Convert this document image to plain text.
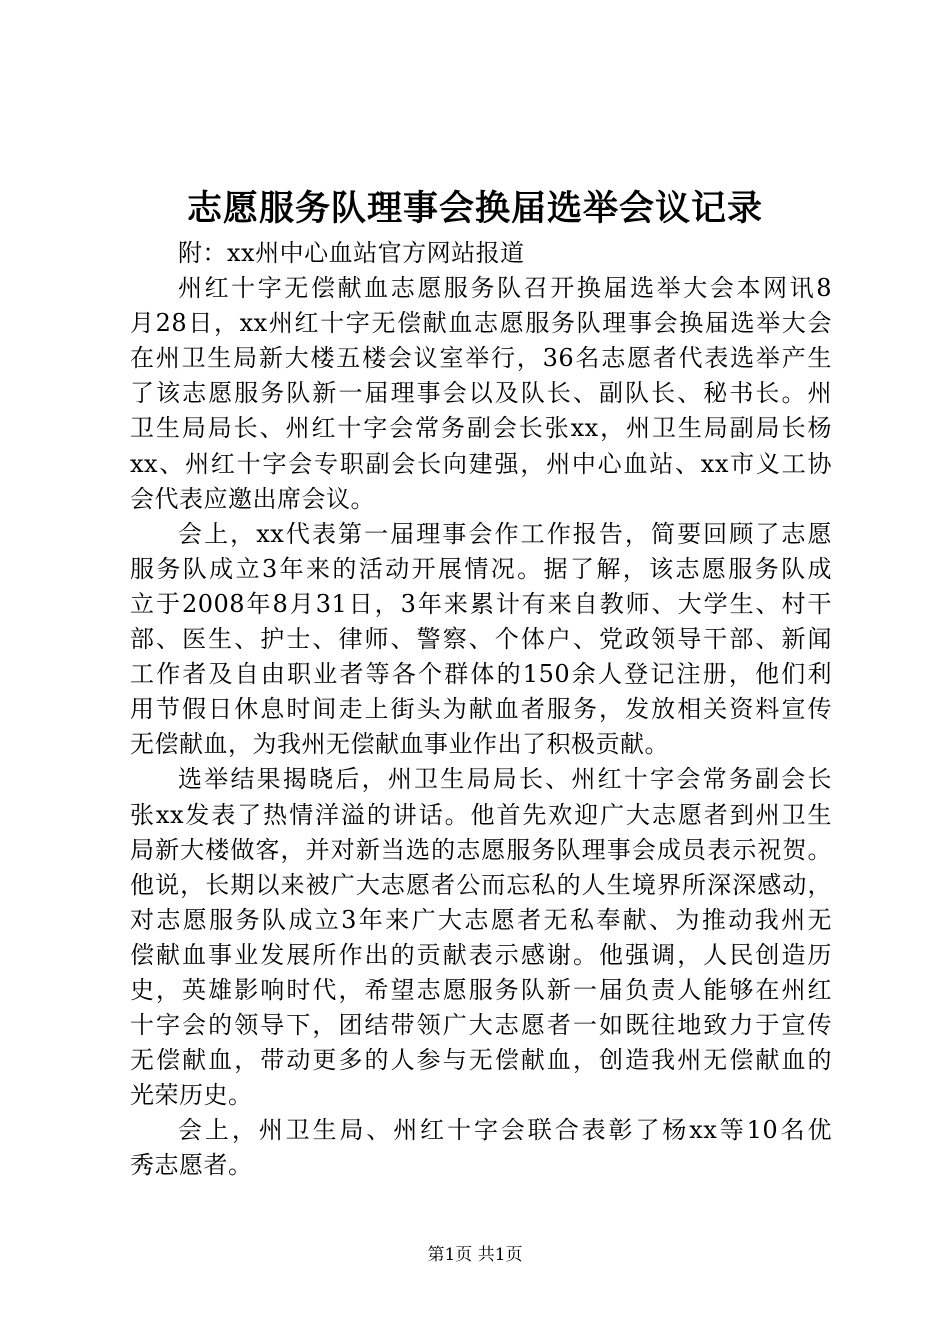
志愿服务队理事会换届选举会议记录
附：xx州中心血站官方网站报道
州红十字无偿献血志愿服务队召开换届选举大会本网讯8
月28日，xx州红十字无偿献血志愿服务队理事会换届选举大会
在州卫生局新大楼五楼会议室举行，36名志愿者代表选举产生
了该志愿服务队新一届理事会以及队长、副队长、秘书长。州
卫生局局长、州红十字会常务副会长张xx，州卫生局副局长杨
xx、州红十字会专职副会长向建强，州中心血站、xx市义工协
会代表应邀出席会议。
会上，xx代表第一届理事会作工作报告，简要回顾了志愿
服务队成立3年来的活动开展情况。据了解，该志愿服务队成
立于2008年8月31日，3年来累计有来自教师、大学生、村干
部、医生、护士、律师、警察、个体户、党政领导干部、新闻
工作者及自由职业者等各个群体的150余人登记注册，他们利
用节假日休息时间走上街头为献血者服务，发放相关资料宣传
无偿献血，为我州无偿献血事业作出了积极贡献。
选举结果揭晓后，州卫生局局长、州红十字会常务副会长
张xx发表了热情洋溢的讲话。他首先欢迎广大志愿者到州卫生
局新大楼做客，并对新当选的志愿服务队理事会成员表示祝贺。
他说，长期以来被广大志愿者公而忘私的人生境界所深深感动，
对志愿服务队成立3年来广大志愿者无私奉献、为推动我州无
偿献血事业发展所作出的贡献表示感谢。他强调，人民创造历
史，英雄影响时代，希望志愿服务队新一届负责人能够在州红
十字会的领导下，团结带领广大志愿者一如既往地致力于宣传
无偿献血，带动更多的人参与无偿献血，创造我州无偿献血的
光荣历史。
会上，州卫生局、州红十字会联合表彰了杨xx等10名优
秀志愿者。
第1页 共1页
